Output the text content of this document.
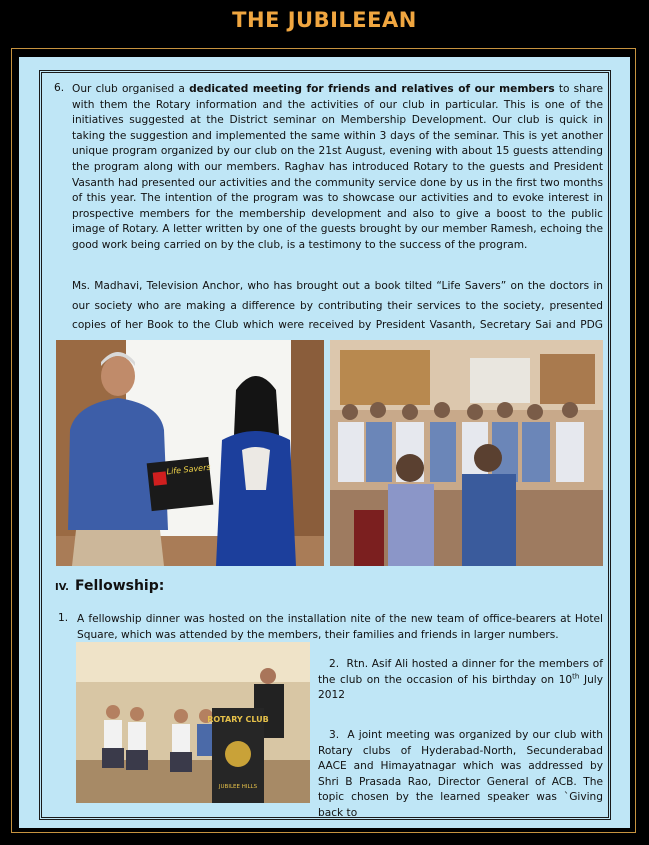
THE JUBILEEAN
6. Our club organised a dedicated meeting for friends and relatives of our members to share with them the Rotary information and the activities of our club in particular. This is one of the initiatives suggested at the District seminar on Membership Development. Our club is quick in taking the suggestion and implemented the same within 3 days of the seminar. This is yet another unique program organized by our club on the 21st August, evening with about 15 guests attending the program along with our members. Raghav has introduced Rotary to the guests and President Vasanth had presented our activities and the community service done by us in the first two months of this year. The intention of the program was to showcase our activities and to evoke interest in prospective members for the membership development and also to give a boost to the public image of Rotary. A letter written by one of the guests brought by our member Ramesh, echoing the good work being carried on by the club, is a testimony to the success of the program.

Ms. Madhavi, Television Anchor, who has brought out a book tilted “Life Savers” on the doctors in our society who are making a difference by contributing their services to the society, presented copies of her Book to the Club which were received by President Vasanth, Secretary Sai and PDG

Life Savers
IV. Fellowship:
1. A fellowship dinner was hosted on the installation nite of the new team of office-bearers at Hotel Square, which was attended by the members, their families and friends in larger numbers.

ROTARY CLUB
JUBILEE HILLS

2. Rtn. Asif Ali hosted a dinner for the members of the club on the occasion of his birthday on 10th July 2012

3. A joint meeting was organized by our club with Rotary clubs of Hyderabad-North, Secunderabad AACE and Himayatnagar which was addressed by Shri B Prasada Rao, Director General of ACB. The topic chosen by the learned speaker was `Giving back to
